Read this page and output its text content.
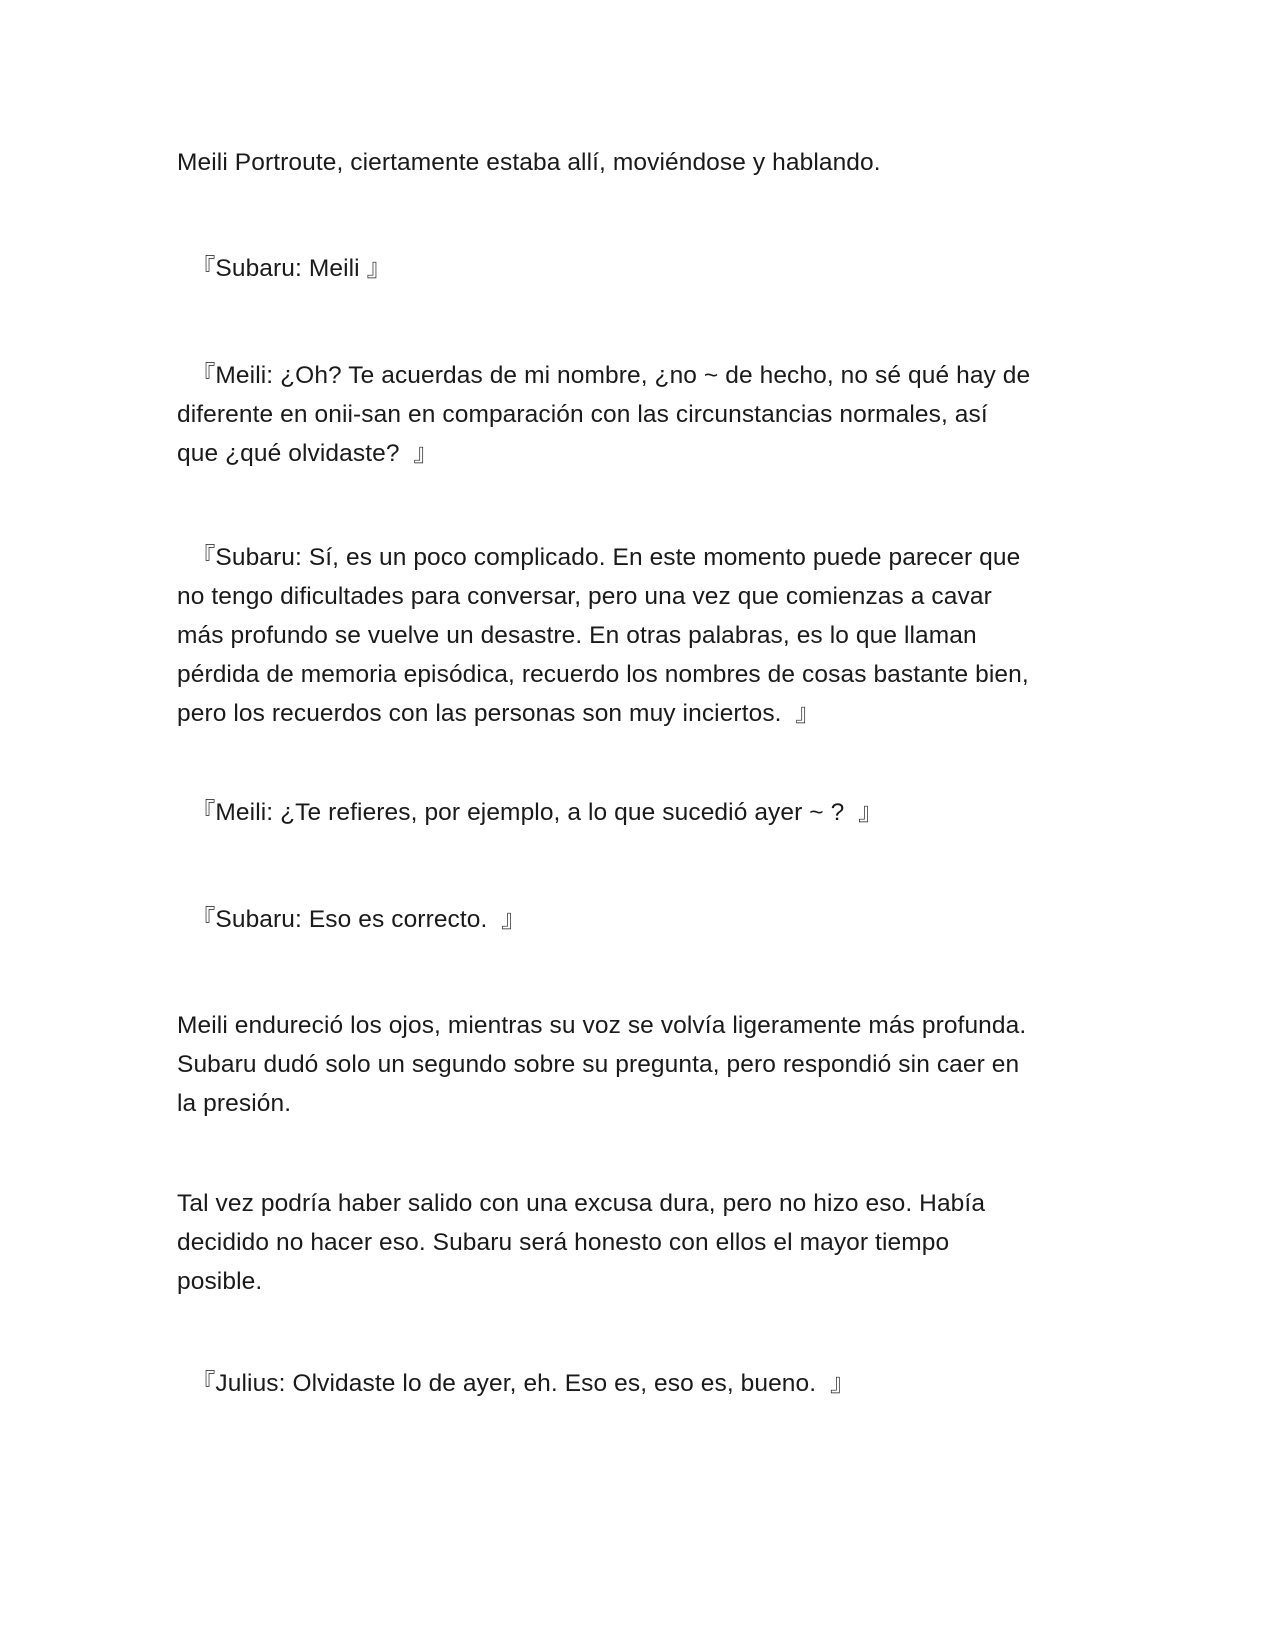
Meili Portroute, ciertamente estaba allí, moviéndose y hablando.

『Subaru: Meili 』

『Meili: ¿Oh? Te acuerdas de mi nombre, ¿no ~ de hecho, no sé qué hay de
diferente en onii-san en comparación con las circunstancias normales, así
que ¿qué olvidaste?  』

『Subaru: Sí, es un poco complicado. En este momento puede parecer que
no tengo dificultades para conversar, pero una vez que comienzas a cavar
más profundo se vuelve un desastre. En otras palabras, es lo que llaman
pérdida de memoria episódica, recuerdo los nombres de cosas bastante bien,
pero los recuerdos con las personas son muy inciertos.  』

『Meili: ¿Te refieres, por ejemplo, a lo que sucedió ayer ~ ?  』

『Subaru: Eso es correcto.  』

Meili endureció los ojos, mientras su voz se volvía ligeramente más profunda.
Subaru dudó solo un segundo sobre su pregunta, pero respondió sin caer en
la presión.

Tal vez podría haber salido con una excusa dura, pero no hizo eso. Había
decidido no hacer eso. Subaru será honesto con ellos el mayor tiempo
posible.

『Julius: Olvidaste lo de ayer, eh. Eso es, eso es, bueno.  』
